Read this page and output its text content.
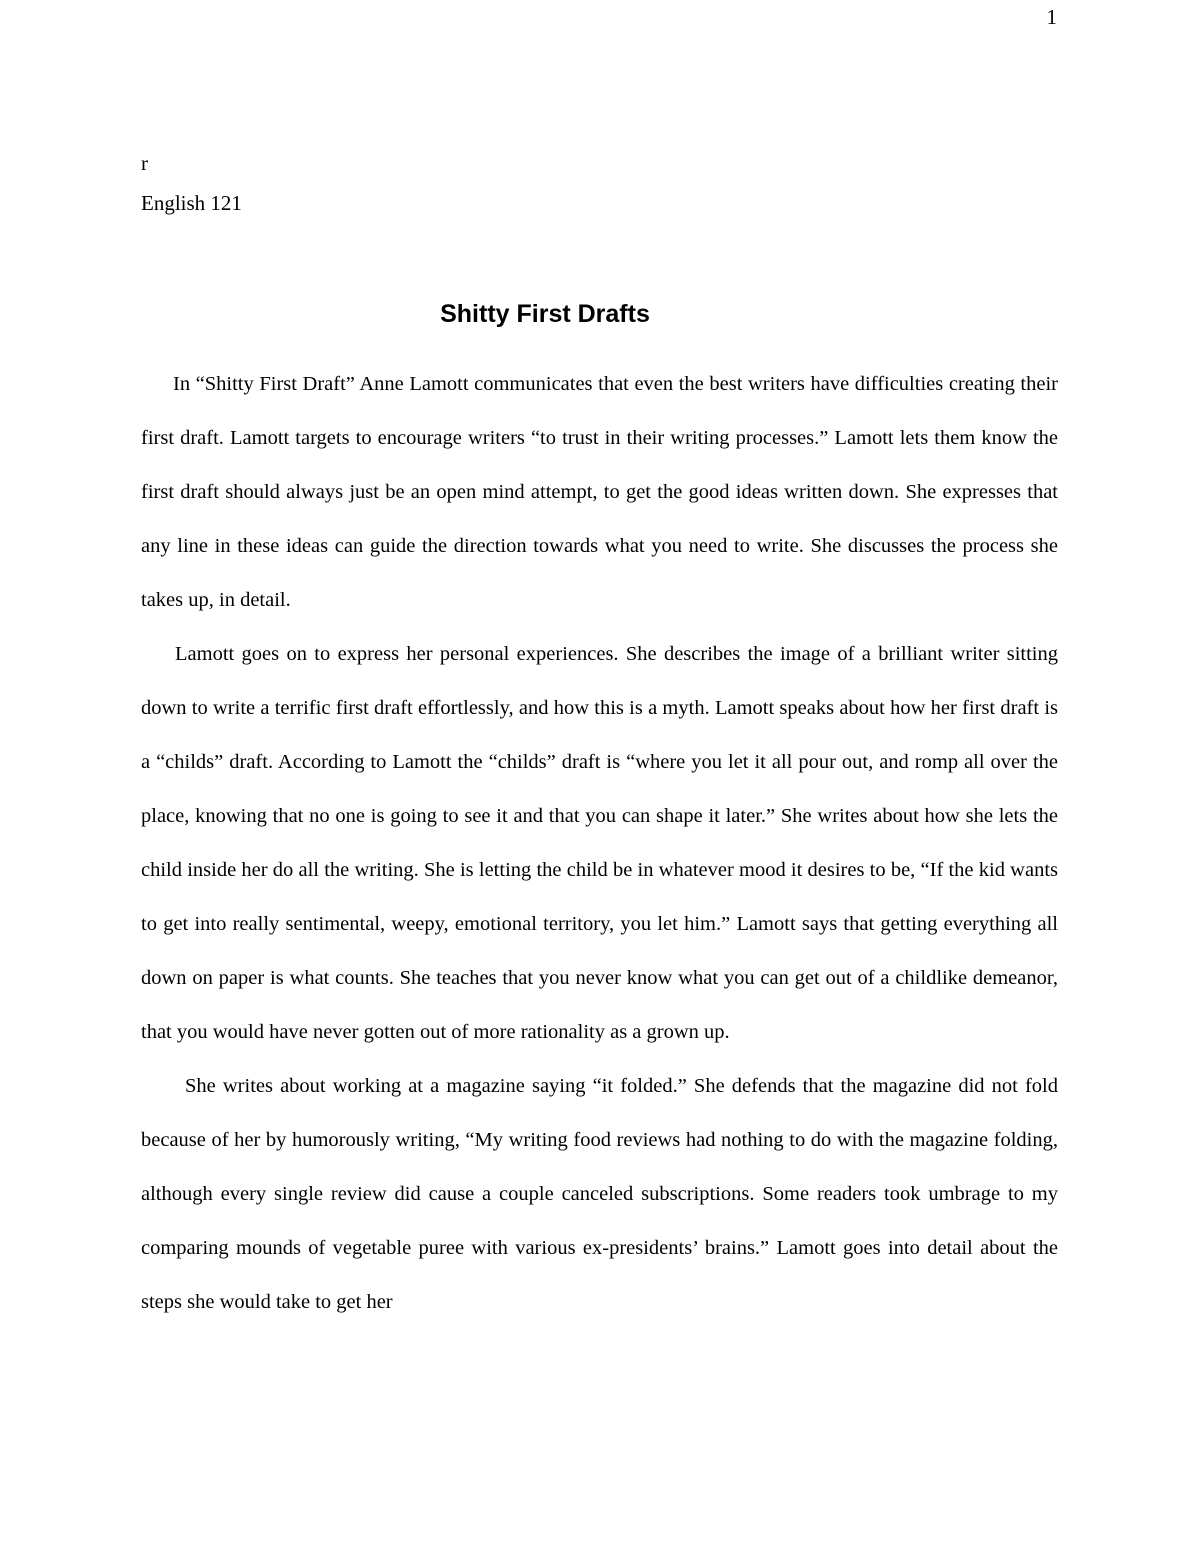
1
r
English 121
Shitty First Drafts

In “Shitty First Draft” Anne Lamott communicates that even the best writers have difficulties creating their first draft. Lamott targets to encourage writers “to trust in their writing processes.” Lamott lets them know the first draft should always just be an open mind attempt, to get the good ideas written down. She expresses that any line in these ideas can guide the direction towards what you need to write. She discusses the process she takes up, in detail.

Lamott goes on to express her personal experiences. She describes the image of a brilliant writer sitting down to write a terrific first draft effortlessly, and how this is a myth. Lamott speaks about how her first draft is a “childs” draft. According to Lamott the “childs” draft is “where you let it all pour out, and romp all over the place, knowing that no one is going to see it and that you can shape it later.” She writes about how she lets the child inside her do all the writing. She is letting the child be in whatever mood it desires to be, “If the kid wants to get into really sentimental, weepy, emotional territory, you let him.” Lamott says that getting everything all down on paper is what counts. She teaches that you never know what you can get out of a childlike demeanor, that you would have never gotten out of more rationality as a grown up.

She writes about working at a magazine saying “it folded.” She defends that the magazine did not fold because of her by humorously writing, “My writing food reviews had nothing to do with the magazine folding, although every single review did cause a couple canceled subscriptions. Some readers took umbrage to my comparing mounds of vegetable puree with various ex-presidents’ brains.” Lamott goes into detail about the steps she would take to get her
